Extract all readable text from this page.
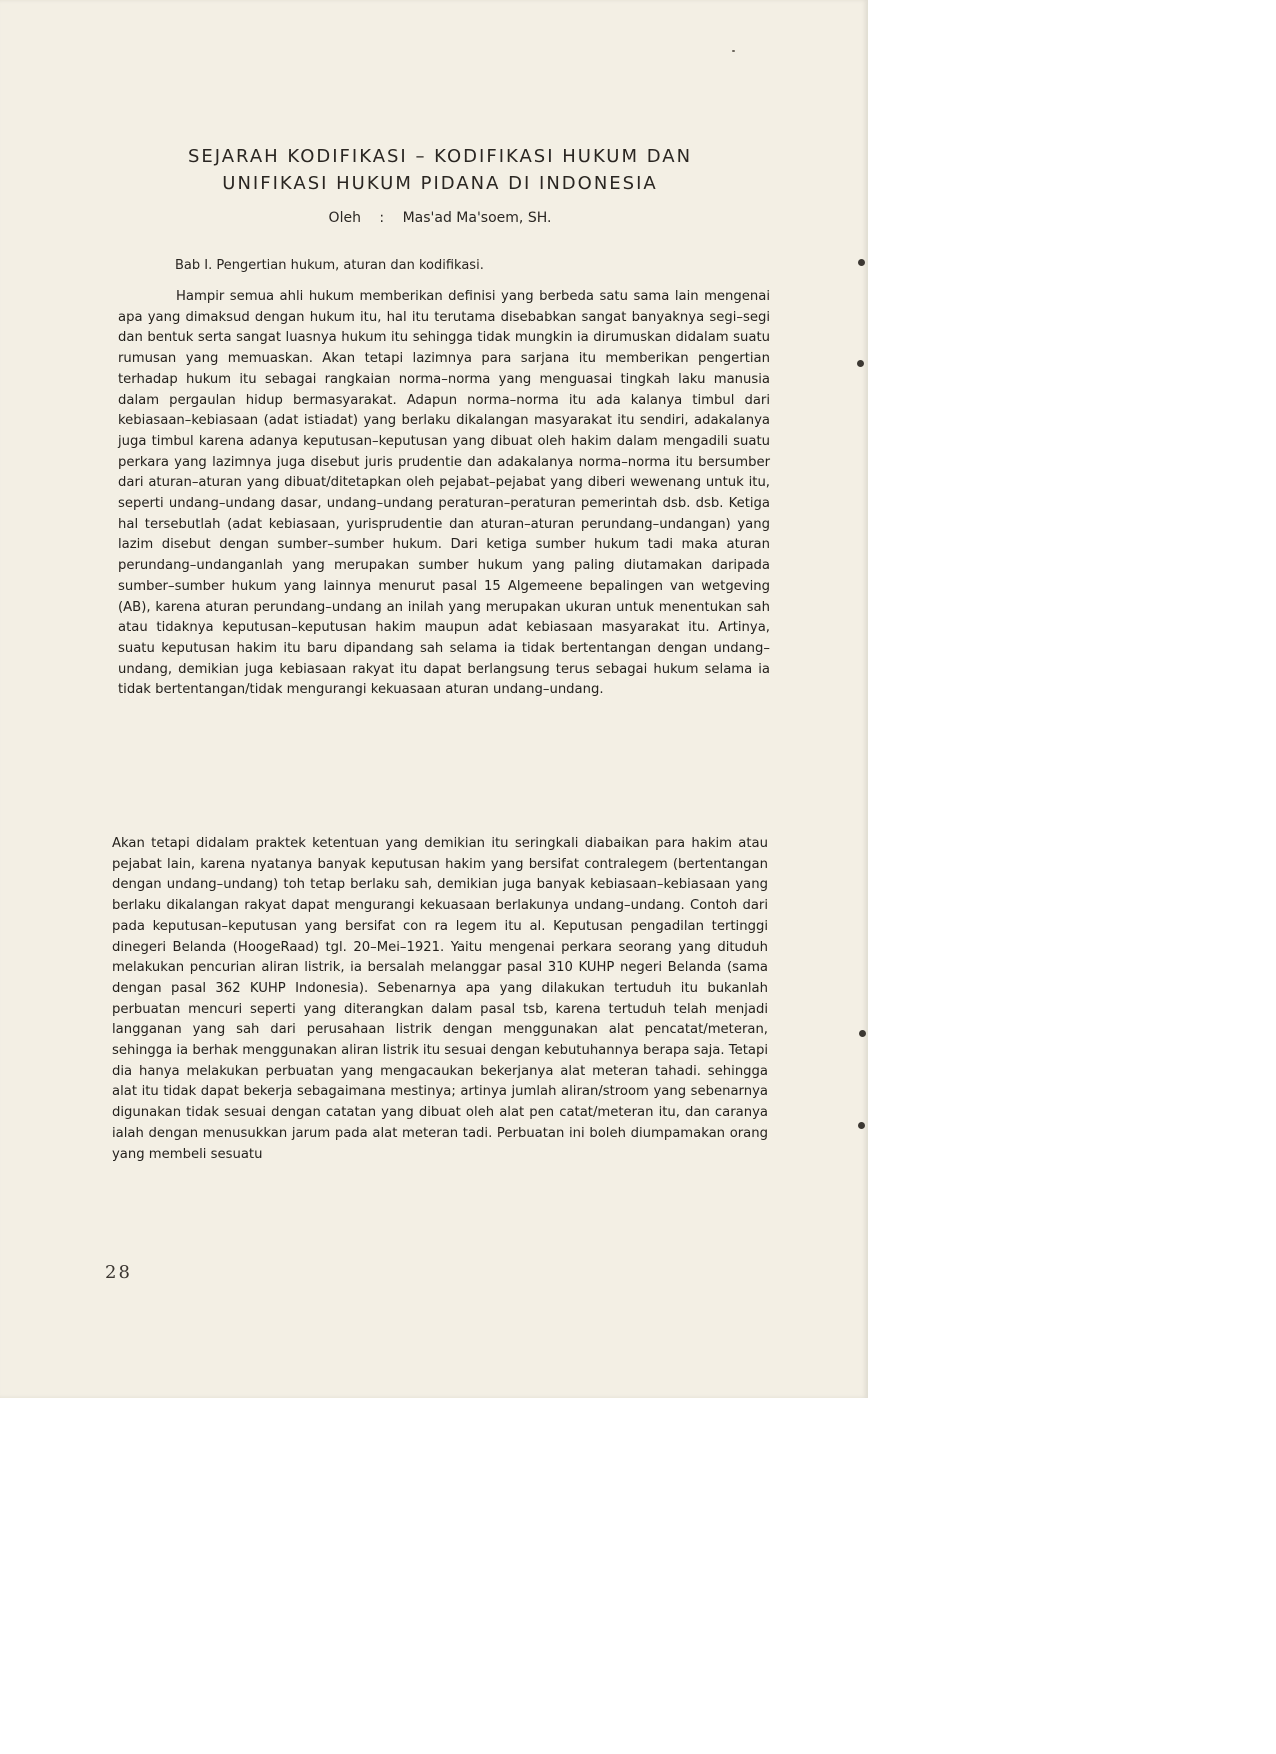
SEJARAH KODIFIKASI – KODIFIKASI HUKUM DAN
UNIFIKASI HUKUM PIDANA DI INDONESIA
Oleh : Mas'ad Ma'soem, SH.
Bab I. Pengertian hukum, aturan dan kodifikasi.

Hampir semua ahli hukum memberikan definisi yang berbeda satu sama lain mengenai apa yang dimaksud dengan hukum itu, hal itu terutama disebabkan sangat banyaknya segi–segi dan bentuk serta sangat luasnya hukum itu sehingga tidak mungkin ia dirumuskan didalam suatu rumusan yang memuaskan. Akan tetapi lazimnya para sarjana itu memberikan pengertian terhadap hukum itu sebagai rangkaian norma–norma yang menguasai tingkah laku manusia dalam pergaulan hidup bermasyarakat. Adapun norma–norma itu ada kalanya timbul dari kebiasaan–kebiasaan (adat istiadat) yang berlaku dikalangan masyarakat itu sendiri, adakalanya juga timbul karena adanya keputusan–keputusan yang dibuat oleh hakim dalam mengadili suatu perkara yang lazimnya juga disebut juris prudentie dan adakalanya norma–norma itu bersumber dari aturan–aturan yang dibuat/ditetapkan oleh pejabat–pejabat yang diberi wewenang untuk itu, seperti undang–undang dasar, undang–undang peraturan–peraturan pemerintah dsb. dsb. Ketiga hal tersebutlah (adat kebiasaan, yurisprudentie dan aturan–aturan perundang–undangan) yang lazim disebut dengan sumber–sumber hukum. Dari ketiga sumber hukum tadi maka aturan perundang–undanganlah yang merupakan sumber hukum yang paling diutamakan daripada sumber–sumber hukum yang lainnya menurut pasal 15 Algemeene bepalingen van wetgeving (AB), karena aturan perundang–undang an inilah yang merupakan ukuran untuk menentukan sah atau tidaknya keputusan–keputusan hakim maupun adat kebiasaan masyarakat itu. Artinya, suatu keputusan hakim itu baru dipandang sah selama ia tidak bertentangan dengan undang–undang, demikian juga kebiasaan rakyat itu dapat berlangsung terus sebagai hukum selama ia tidak bertentangan/tidak mengurangi kekuasaan aturan undang–undang.

Akan tetapi didalam praktek ketentuan yang demikian itu seringkali diabaikan para hakim atau pejabat lain, karena nyatanya banyak keputusan hakim yang bersifat contralegem (bertentangan dengan undang–undang) toh tetap berlaku sah, demikian juga banyak kebiasaan–kebiasaan yang berlaku dikalangan rakyat dapat mengurangi kekuasaan berlakunya undang–undang. Contoh dari pada keputusan–keputusan yang bersifat con ra legem itu al. Keputusan pengadilan tertinggi dinegeri Belanda (HoogeRaad) tgl. 20–Mei–1921. Yaitu mengenai perkara seorang yang dituduh melakukan pencurian aliran listrik, ia bersalah melanggar pasal 310 KUHP negeri Belanda (sama dengan pasal 362 KUHP Indonesia). Sebenarnya apa yang dilakukan tertuduh itu bukanlah perbuatan mencuri seperti yang diterangkan dalam pasal tsb, karena tertuduh telah menjadi langganan yang sah dari perusahaan listrik dengan menggunakan alat pencatat/meteran, sehingga ia berhak menggunakan aliran listrik itu sesuai dengan kebutuhannya berapa saja. Tetapi dia hanya melakukan perbuatan yang mengacaukan bekerjanya alat meteran tahadi. sehingga alat itu tidak dapat bekerja sebagaimana mestinya; artinya jumlah aliran/stroom yang sebenarnya digunakan tidak sesuai dengan catatan yang dibuat oleh alat pen catat/meteran itu, dan caranya ialah dengan menusukkan jarum pada alat meteran tadi. Perbuatan ini boleh diumpamakan orang yang membeli sesuatu

28
